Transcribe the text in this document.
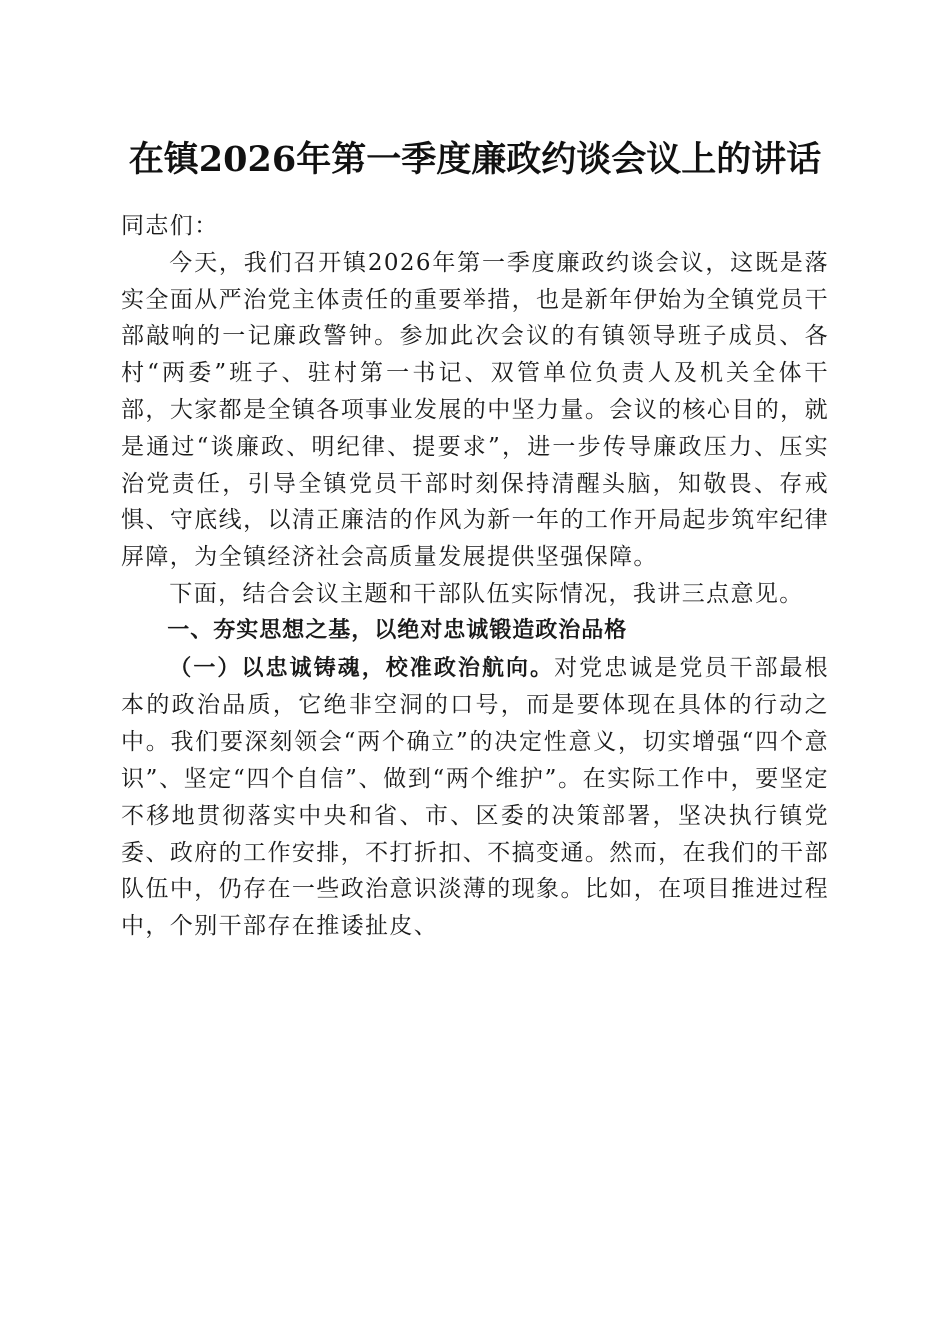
在镇2026年第一季度廉政约谈会议上的讲话

同志们：

今天，我们召开镇2026年第一季度廉政约谈会议，这既是落实全面从严治党主体责任的重要举措，也是新年伊始为全镇党员干部敲响的一记廉政警钟。参加此次会议的有镇领导班子成员、各村“两委”班子、驻村第一书记、双管单位负责人及机关全体干部，大家都是全镇各项事业发展的中坚力量。会议的核心目的，就是通过“谈廉政、明纪律、提要求”，进一步传导廉政压力、压实治党责任，引导全镇党员干部时刻保持清醒头脑，知敬畏、存戒惧、守底线，以清正廉洁的作风为新一年的工作开局起步筑牢纪律屏障，为全镇经济社会高质量发展提供坚强保障。

下面，结合会议主题和干部队伍实际情况，我讲三点意见。

一、夯实思想之基，以绝对忠诚锻造政治品格

（一）以忠诚铸魂，校准政治航向。对党忠诚是党员干部最根本的政治品质，它绝非空洞的口号，而是要体现在具体的行动之中。我们要深刻领会“两个确立”的决定性意义，切实增强“四个意识”、坚定“四个自信”、做到“两个维护”。在实际工作中，要坚定不移地贯彻落实中央和省、市、区委的决策部署，坚决执行镇党委、政府的工作安排，不打折扣、不搞变通。然而，在我们的干部队伍中，仍存在一些政治意识淡薄的现象。比如，在项目推进过程中，个别干部存在推诿扯皮、
